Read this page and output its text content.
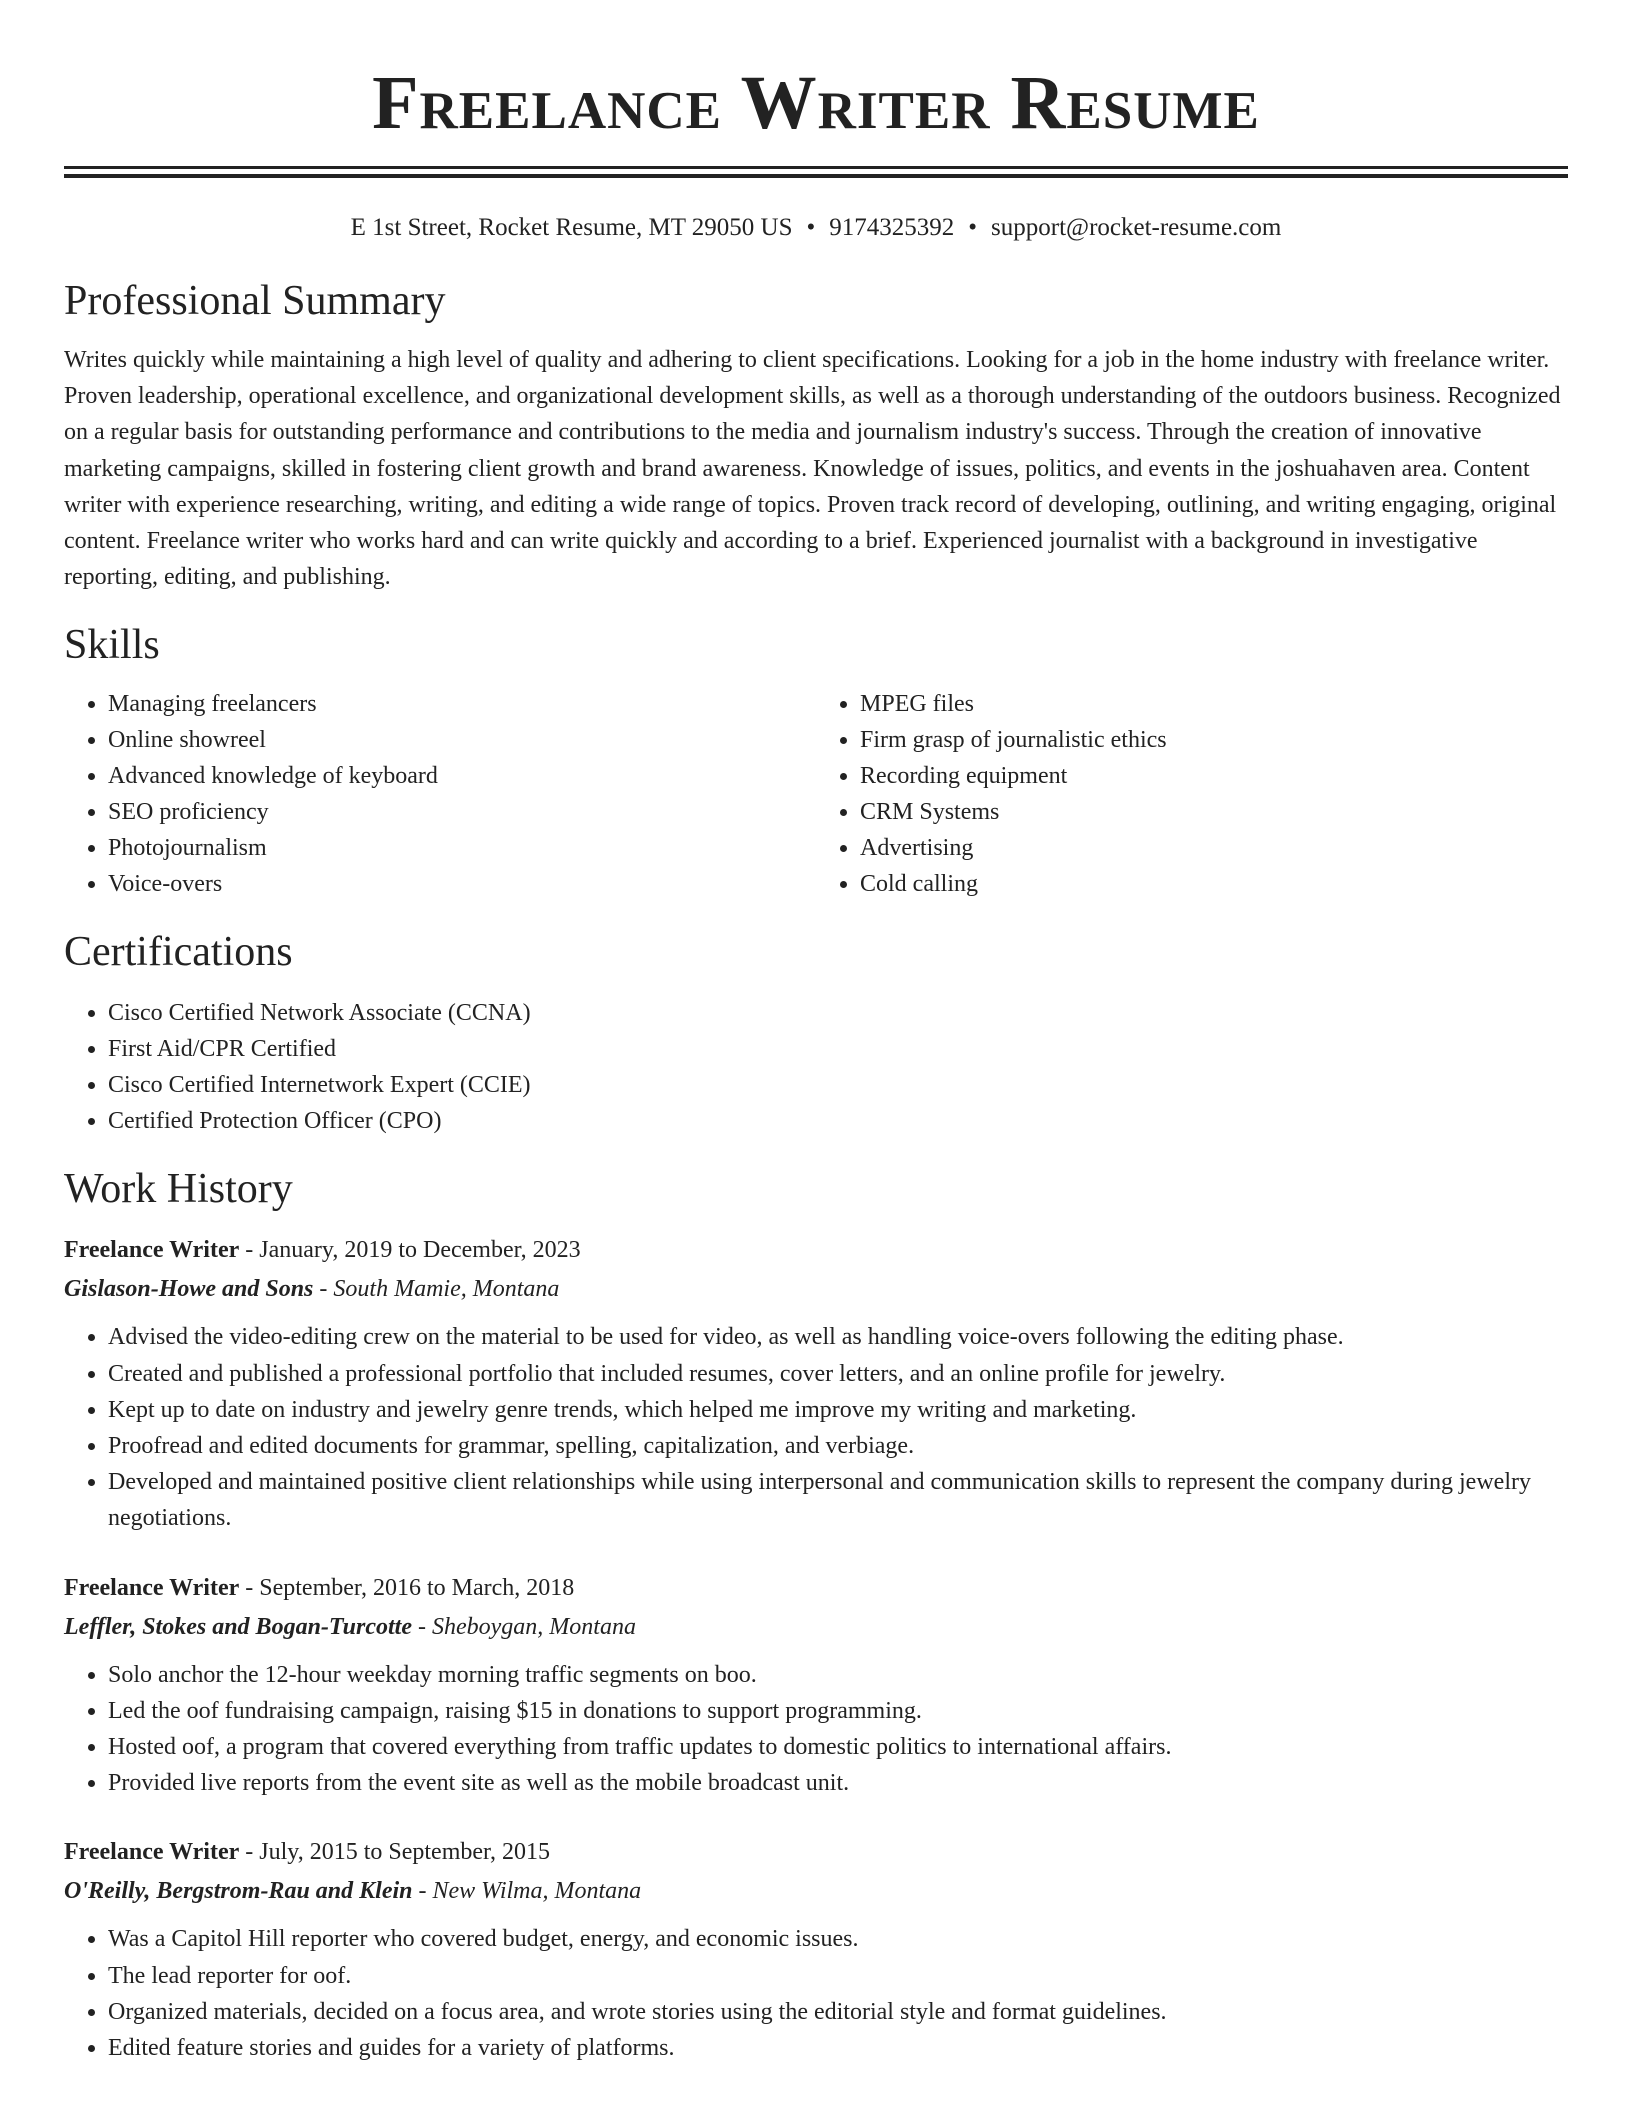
Freelance Writer Resume
E 1st Street, Rocket Resume, MT 29050 US • 9174325392 • support@rocket-resume.com
Professional Summary

Writes quickly while maintaining a high level of quality and adhering to client specifications. Looking for a job in the home industry with freelance writer. Proven leadership, operational excellence, and organizational development skills, as well as a thorough understanding of the outdoors business. Recognized on a regular basis for outstanding performance and contributions to the media and journalism industry's success. Through the creation of innovative marketing campaigns, skilled in fostering client growth and brand awareness. Knowledge of issues, politics, and events in the joshuahaven area. Content writer with experience researching, writing, and editing a wide range of topics. Proven track record of developing, outlining, and writing engaging, original content. Freelance writer who works hard and can write quickly and according to a brief. Experienced journalist with a background in investigative reporting, editing, and publishing.

Skills
• Managing freelancers
• Online showreel
• Advanced knowledge of keyboard
• SEO proficiency
• Photojournalism
• Voice-overs
• MPEG files
• Firm grasp of journalistic ethics
• Recording equipment
• CRM Systems
• Advertising
• Cold calling
Certifications
• Cisco Certified Network Associate (CCNA)
• First Aid/CPR Certified
• Cisco Certified Internetwork Expert (CCIE)
• Certified Protection Officer (CPO)
Work History
Freelance Writer - January, 2019 to December, 2023
Gislason-Howe and Sons - South Mamie, Montana
• Advised the video-editing crew on the material to be used for video, as well as handling voice-overs following the editing phase.
• Created and published a professional portfolio that included resumes, cover letters, and an online profile for jewelry.
• Kept up to date on industry and jewelry genre trends, which helped me improve my writing and marketing.
• Proofread and edited documents for grammar, spelling, capitalization, and verbiage.
• Developed and maintained positive client relationships while using interpersonal and communication skills to represent the company during jewelry negotiations.
Freelance Writer - September, 2016 to March, 2018
Leffler, Stokes and Bogan-Turcotte - Sheboygan, Montana
• Solo anchor the 12-hour weekday morning traffic segments on boo.
• Led the oof fundraising campaign, raising $15 in donations to support programming.
• Hosted oof, a program that covered everything from traffic updates to domestic politics to international affairs.
• Provided live reports from the event site as well as the mobile broadcast unit.
Freelance Writer - July, 2015 to September, 2015
O'Reilly, Bergstrom-Rau and Klein - New Wilma, Montana
• Was a Capitol Hill reporter who covered budget, energy, and economic issues.
• The lead reporter for oof.
• Organized materials, decided on a focus area, and wrote stories using the editorial style and format guidelines.
• Edited feature stories and guides for a variety of platforms.
